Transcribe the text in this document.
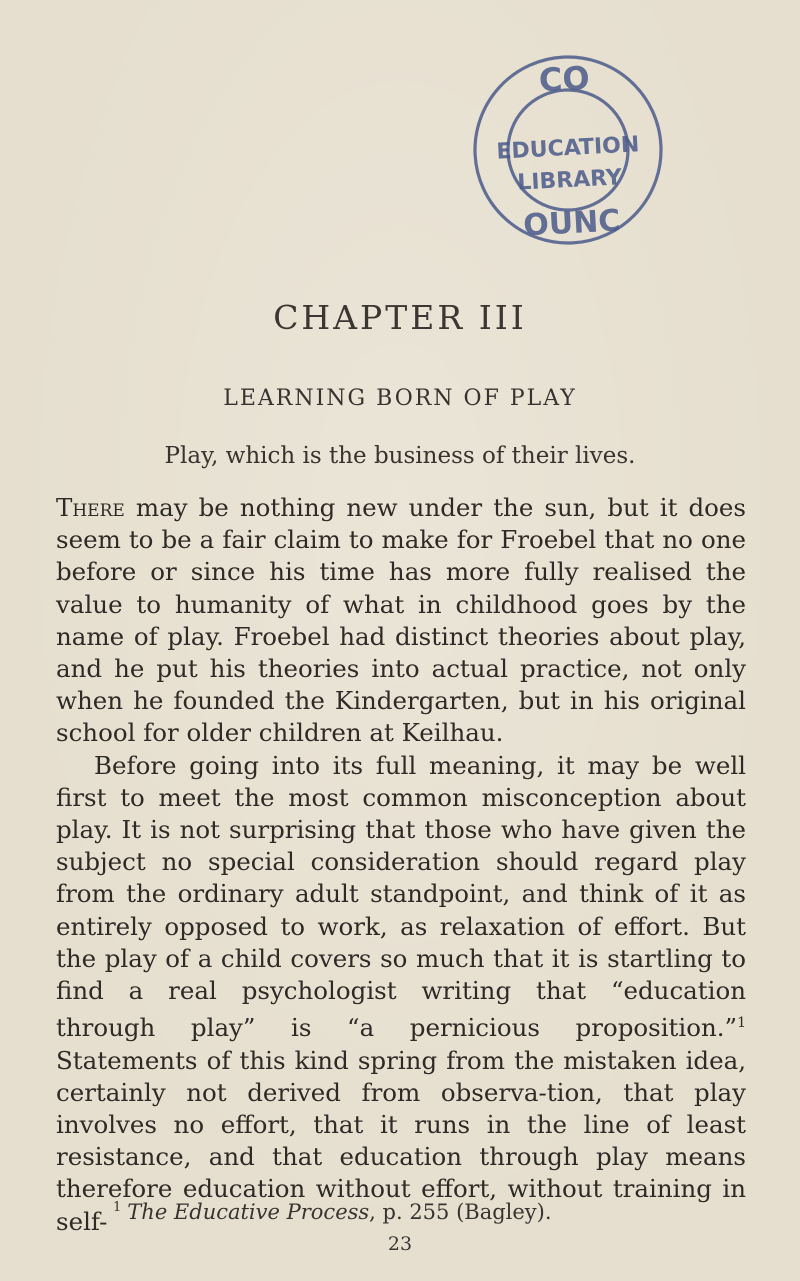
CO
EDUCATION
LIBRARY
OUNC
CHAPTER III
LEARNING BORN OF PLAY
Play, which is the business of their lives.

There may be nothing new under the sun, but it does seem to be a fair claim to make for Froebel that no one before or since his time has more fully realised the value to humanity of what in childhood goes by the name of play. Froebel had distinct theories about play, and he put his theories into actual practice, not only when he founded the Kindergarten, but in his original school for older children at Keilhau.

Before going into its full meaning, it may be well first to meet the most common misconception about play. It is not surprising that those who have given the subject no special consideration should regard play from the ordinary adult standpoint, and think of it as entirely opposed to work, as relaxation of effort. But the play of a child covers so much that it is startling to find a real psychologist writing that “education through play” is “a pernicious proposition.”$^1$ Statements of this kind spring from the mistaken idea, certainly not derived from observa-tion, that play involves no effort, that it runs in the line of least resistance, and that education through play means therefore education without effort, without training in self- $^1$ The Educative Process, p. 255 (Bagley).
23
